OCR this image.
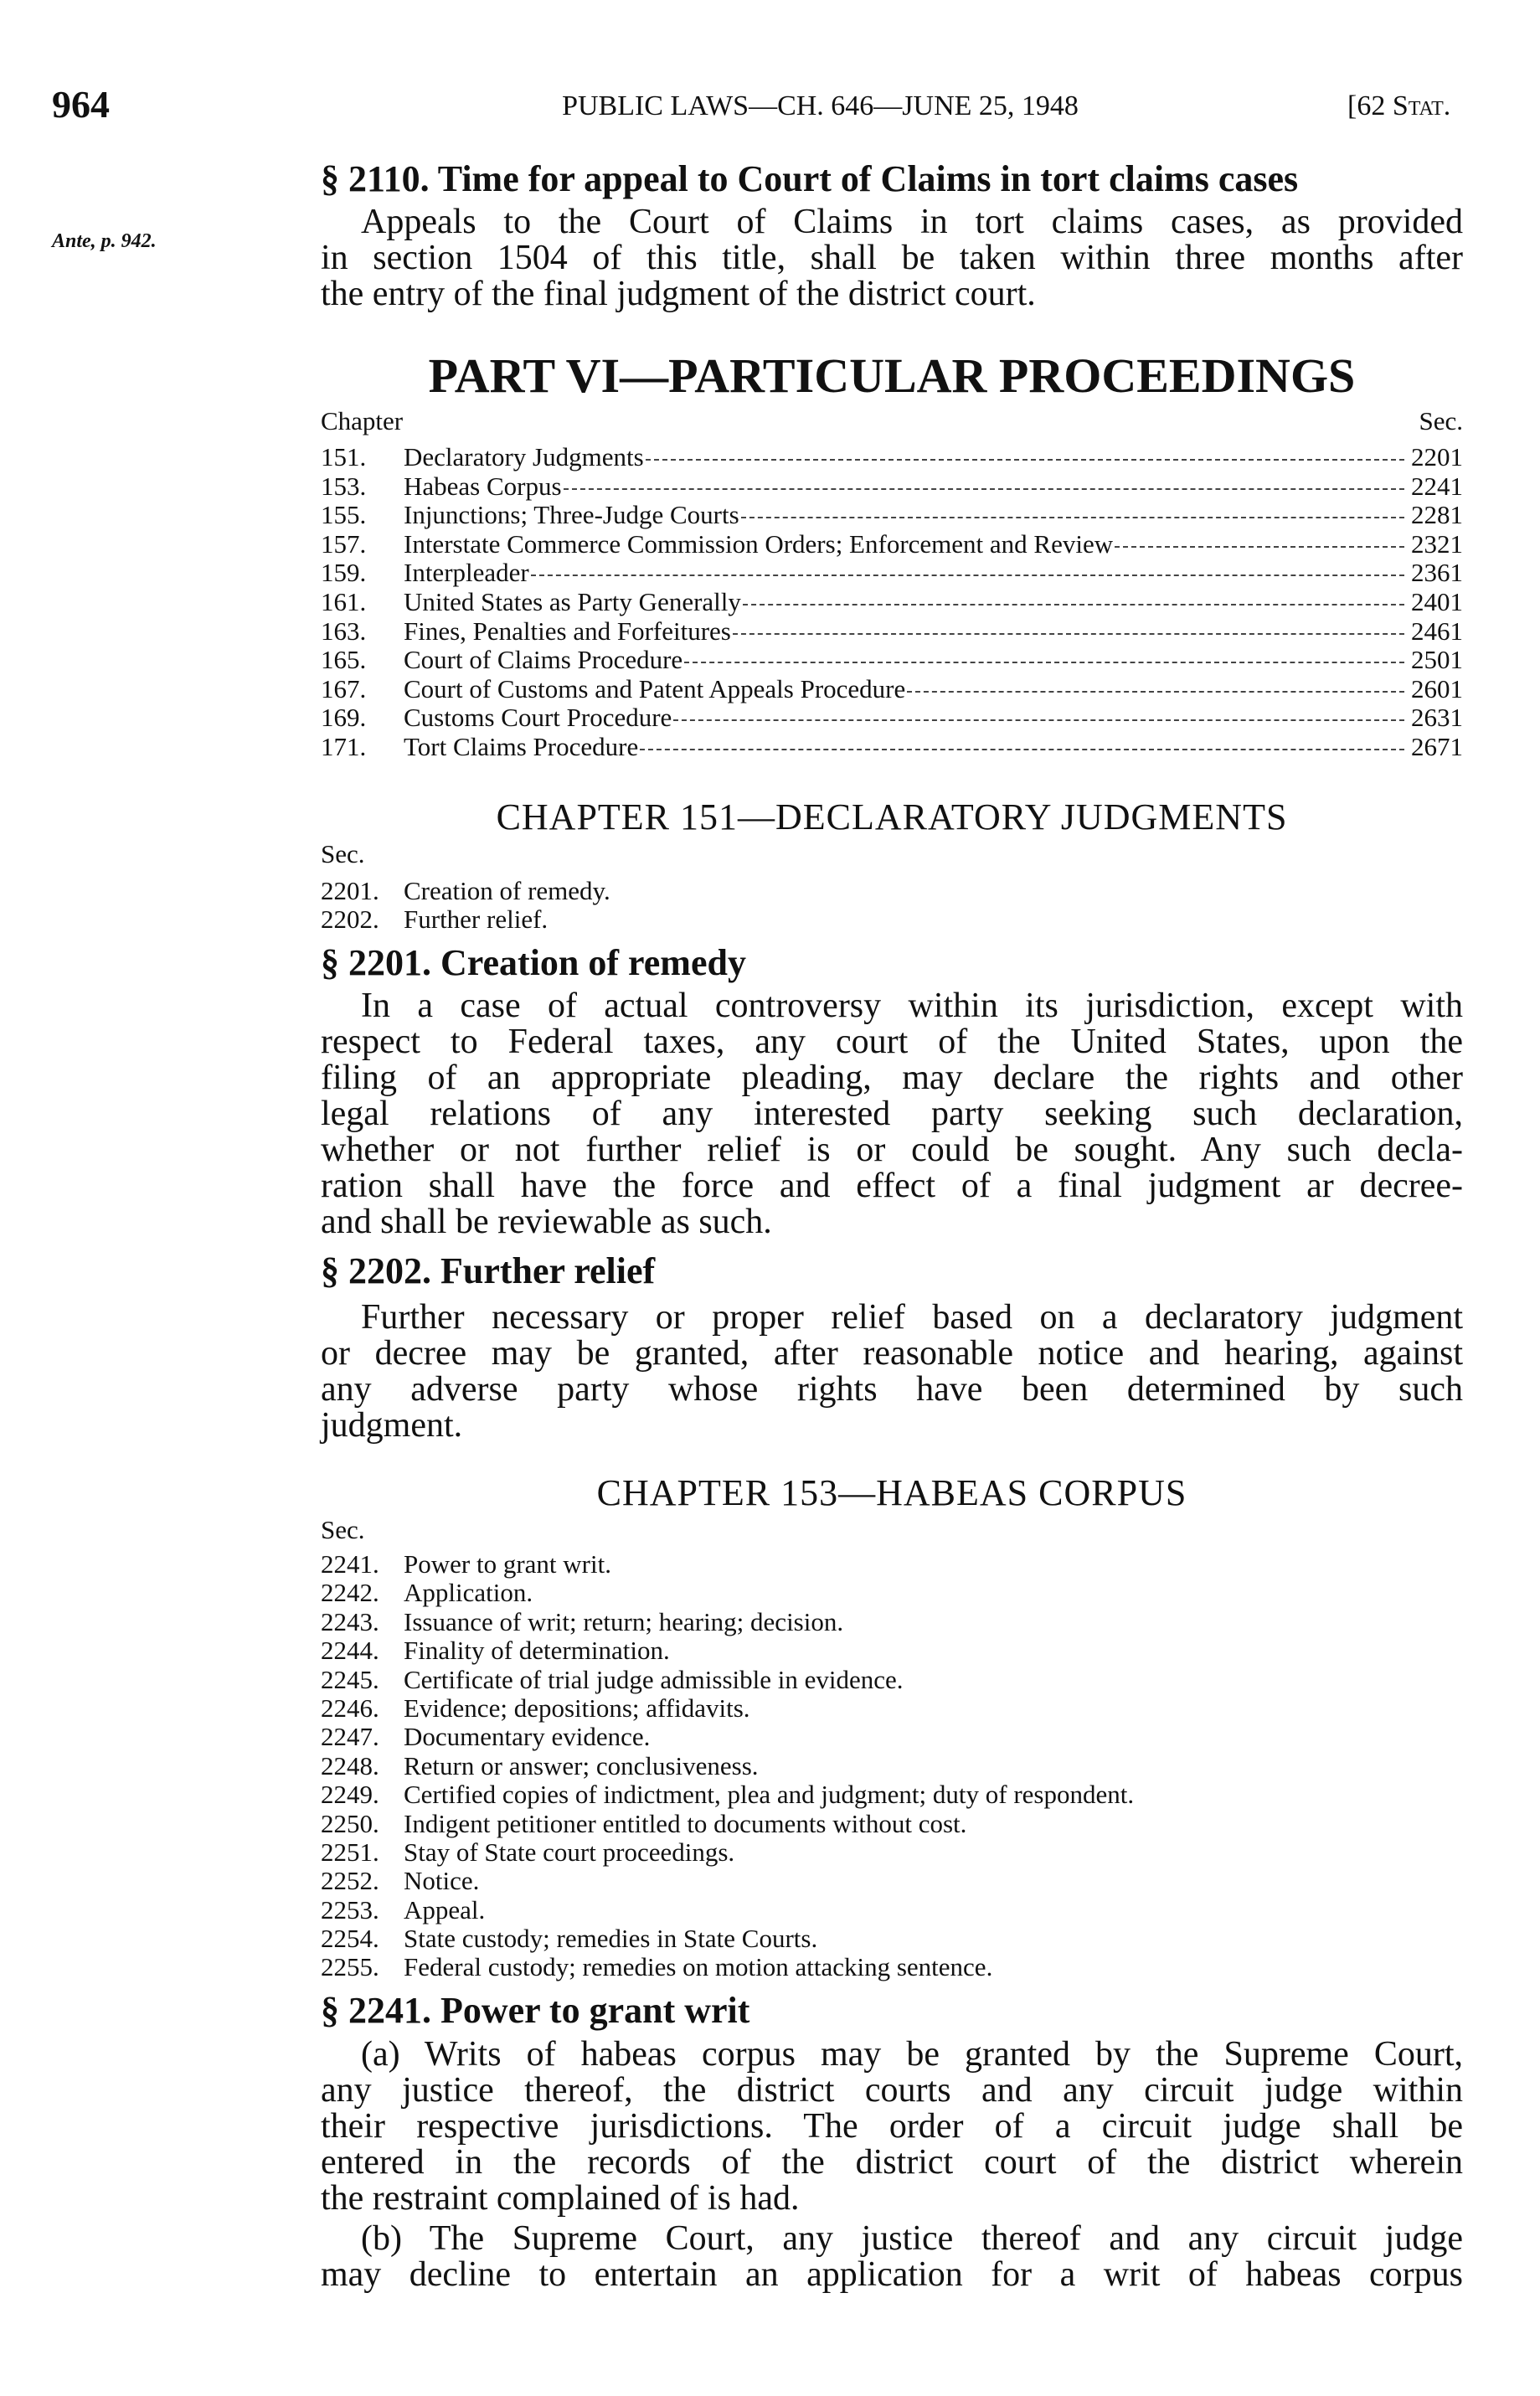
964	PUBLIC LAWS—CH. 646—JUNE 25, 1948	[62 Stat.
§ 2110. Time for appeal to Court of Claims in tort claims cases
Ante, p. 942.	Appeals to the Court of Claims in tort claims cases, as provided
in section 1504 of this title, shall be taken within three months after
the entry of the final judgment of the district court.
PART VI—PARTICULAR PROCEEDINGS
Chapter	Sec.
151.	Declaratory Judgments	2201
153.	Habeas Corpus	2241
155.	Injunctions; Three-Judge Courts	2281
157.	Interstate Commerce Commission Orders; Enforcement and Review	2321
159.	Interpleader	2361
161.	United States as Party Generally	2401
163.	Fines, Penalties and Forfeitures	2461
165.	Court of Claims Procedure	2501
167.	Court of Customs and Patent Appeals Procedure	2601
169.	Customs Court Procedure	2631
171.	Tort Claims Procedure	2671
CHAPTER 151—DECLARATORY JUDGMENTS
Sec.
2201. Creation of remedy.
2202. Further relief.
§ 2201. Creation of remedy
In a case of actual controversy within its jurisdiction, except with
respect to Federal taxes, any court of the United States, upon the
filing of an appropriate pleading, may declare the rights and other
legal relations of any interested party seeking such declaration,
whether or not further relief is or could be sought. Any such decla-
ration shall have the force and effect of a final judgment ar decree-
and shall be reviewable as such.
§ 2202. Further relief
Further necessary or proper relief based on a declaratory judgment
or decree may be granted, after reasonable notice and hearing, against
any adverse party whose rights have been determined by such
judgment.
CHAPTER 153—HABEAS CORPUS
Sec.
2241. Power to grant writ.
2242. Application.
2243. Issuance of writ; return; hearing; decision.
2244. Finality of determination.
2245. Certificate of trial judge admissible in evidence.
2246. Evidence; depositions; affidavits.
2247. Documentary evidence.
2248. Return or answer; conclusiveness.
2249. Certified copies of indictment, plea and judgment; duty of respondent.
2250. Indigent petitioner entitled to documents without cost.
2251. Stay of State court proceedings.
2252. Notice.
2253. Appeal.
2254. State custody; remedies in State Courts.
2255. Federal custody; remedies on motion attacking sentence.
§ 2241. Power to grant writ
(a) Writs of habeas corpus may be granted by the Supreme Court,
any justice thereof, the district courts and any circuit judge within
their respective jurisdictions. The order of a circuit judge shall be
entered in the records of the district court of the district wherein
the restraint complained of is had.
(b) The Supreme Court, any justice thereof and any circuit judge
may decline to entertain an application for a writ of habeas corpus
